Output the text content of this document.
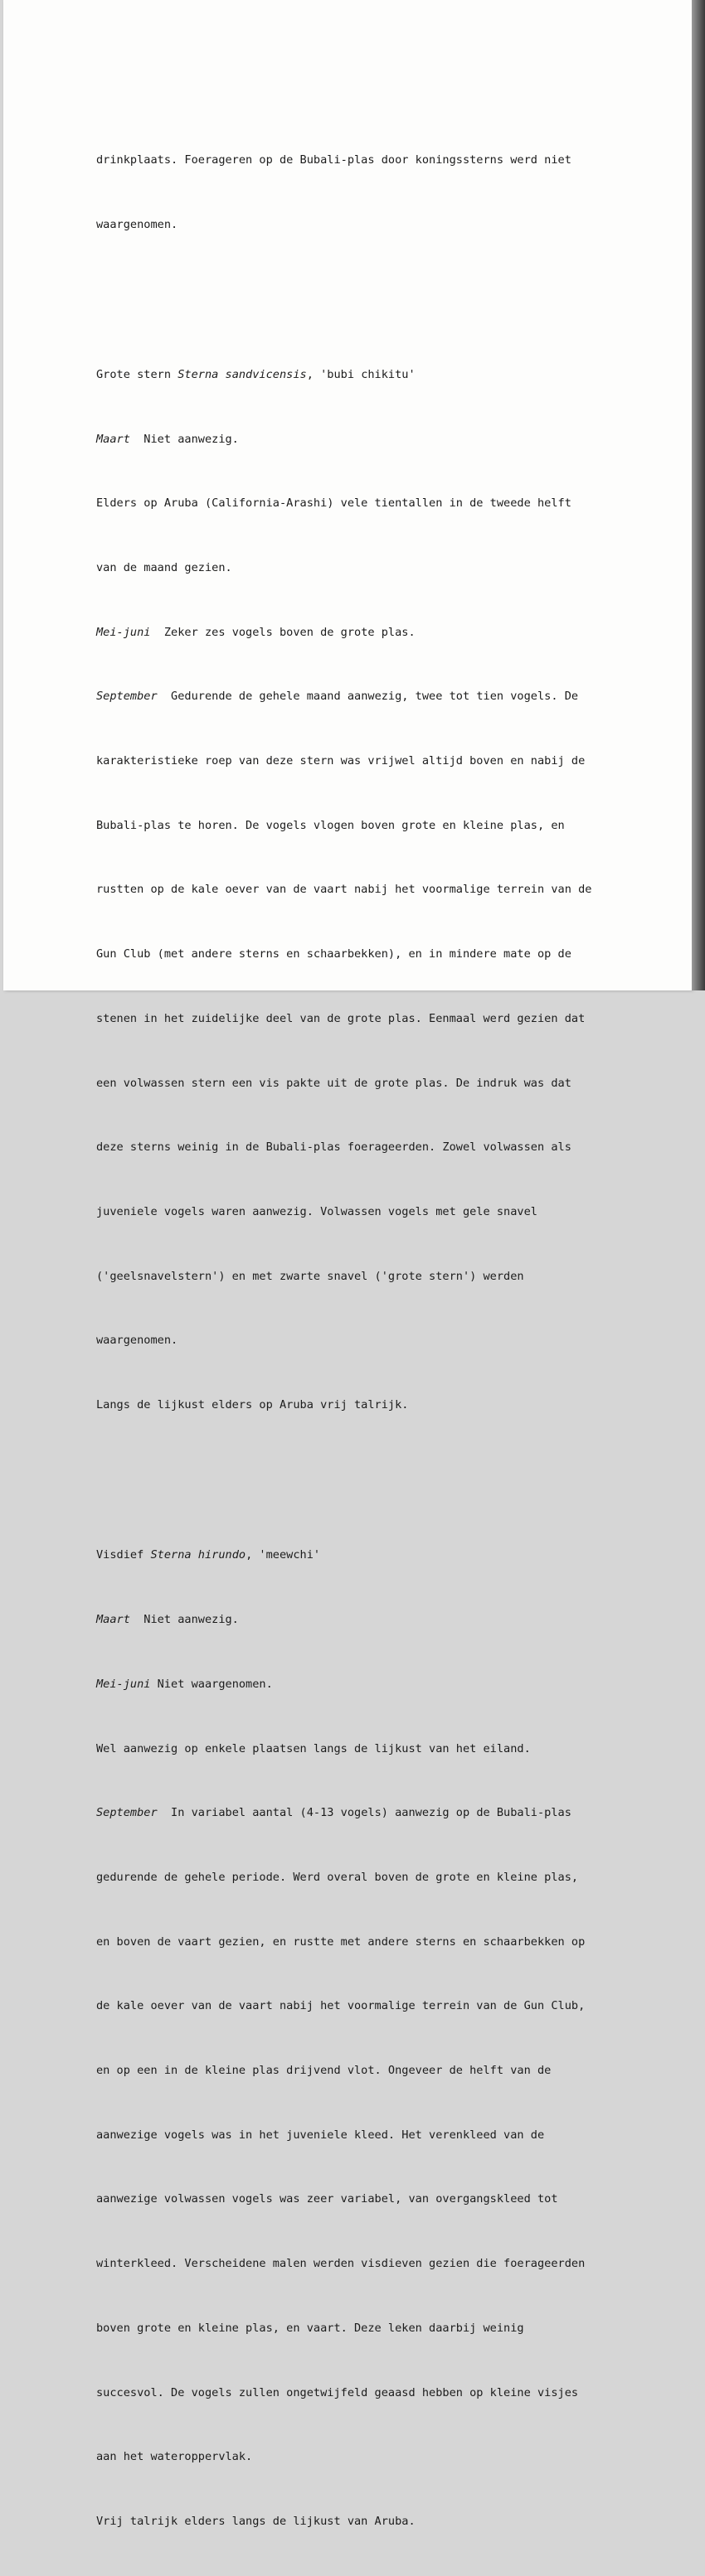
drinkplaats. Foerageren op de Bubali-plas door koningssterns werd niet

waargenomen.

Grote stern Sterna sandvicensis, 'bubi chikitu'

Maart  Niet aanwezig.

Elders op Aruba (California-Arashi) vele tientallen in de tweede helft

van de maand gezien.

Mei-juni  Zeker zes vogels boven de grote plas.

September  Gedurende de gehele maand aanwezig, twee tot tien vogels. De

karakteristieke roep van deze stern was vrijwel altijd boven en nabij de

Bubali-plas te horen. De vogels vlogen boven grote en kleine plas, en

rustten op de kale oever van de vaart nabij het voormalige terrein van de

Gun Club (met andere sterns en schaarbekken), en in mindere mate op de

stenen in het zuidelijke deel van de grote plas. Eenmaal werd gezien dat

een volwassen stern een vis pakte uit de grote plas. De indruk was dat

deze sterns weinig in de Bubali-plas foerageerden. Zowel volwassen als

juveniele vogels waren aanwezig. Volwassen vogels met gele snavel

('geelsnavelstern') en met zwarte snavel ('grote stern') werden

waargenomen.

Langs de lijkust elders op Aruba vrij talrijk.

Visdief Sterna hirundo, 'meewchi'

Maart  Niet aanwezig.

Mei-juni Niet waargenomen.

Wel aanwezig op enkele plaatsen langs de lijkust van het eiland.

September  In variabel aantal (4-13 vogels) aanwezig op de Bubali-plas

gedurende de gehele periode. Werd overal boven de grote en kleine plas,

en boven de vaart gezien, en rustte met andere sterns en schaarbekken op

de kale oever van de vaart nabij het voormalige terrein van de Gun Club,

en op een in de kleine plas drijvend vlot. Ongeveer de helft van de

aanwezige vogels was in het juveniele kleed. Het verenkleed van de

aanwezige volwassen vogels was zeer variabel, van overgangskleed tot

winterkleed. Verscheidene malen werden visdieven gezien die foerageerden

boven grote en kleine plas, en vaart. Deze leken daarbij weinig

succesvol. De vogels zullen ongetwijfeld geaasd hebben op kleine visjes

aan het wateroppervlak.

Vrij talrijk elders langs de lijkust van Aruba.
